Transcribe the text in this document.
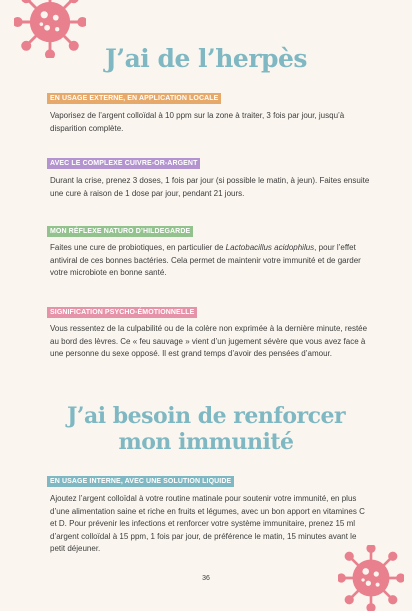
J’ai de l’herpès
EN USAGE EXTERNE, EN APPLICATION LOCALE

Vaporisez de l’argent colloïdal à 10 ppm sur la zone à traiter, 3 fois par jour, jusqu’à disparition complète.

AVEC LE COMPLEXE CUIVRE-OR-ARGENT

Durant la crise, prenez 3 doses, 1 fois par jour (si possible le matin, à jeun). Faites ensuite une cure à raison de 1 dose par jour, pendant 21 jours.

MON RÉFLEXE NATURO D’HILDEGARDE

Faites une cure de probiotiques, en particulier de Lactobacillus acidophilus, pour l’effet antiviral de ces bonnes bactéries. Cela permet de maintenir votre immunité et de garder votre microbiote en bonne santé.

SIGNIFICATION PSYCHO-ÉMOTIONNELLE

Vous ressentez de la culpabilité ou de la colère non exprimée à la dernière minute, restée au bord des lèvres. Ce « feu sauvage » vient d’un jugement sévère que vous avez face à une personne du sexe opposé. Il est grand temps d’avoir des pensées d’amour.

J’ai besoin de renforcer
mon immunité
EN USAGE INTERNE, AVEC UNE SOLUTION LIQUIDE

Ajoutez l’argent colloïdal à votre routine matinale pour soutenir votre immunité, en plus d’une alimentation saine et riche en fruits et légumes, avec un bon apport en vitamines C et D. Pour prévenir les infections et renforcer votre système immunitaire, prenez 15 ml d’argent colloïdal à 15 ppm, 1 fois par jour, de préférence le matin, 15 minutes avant le petit déjeuner.

36
